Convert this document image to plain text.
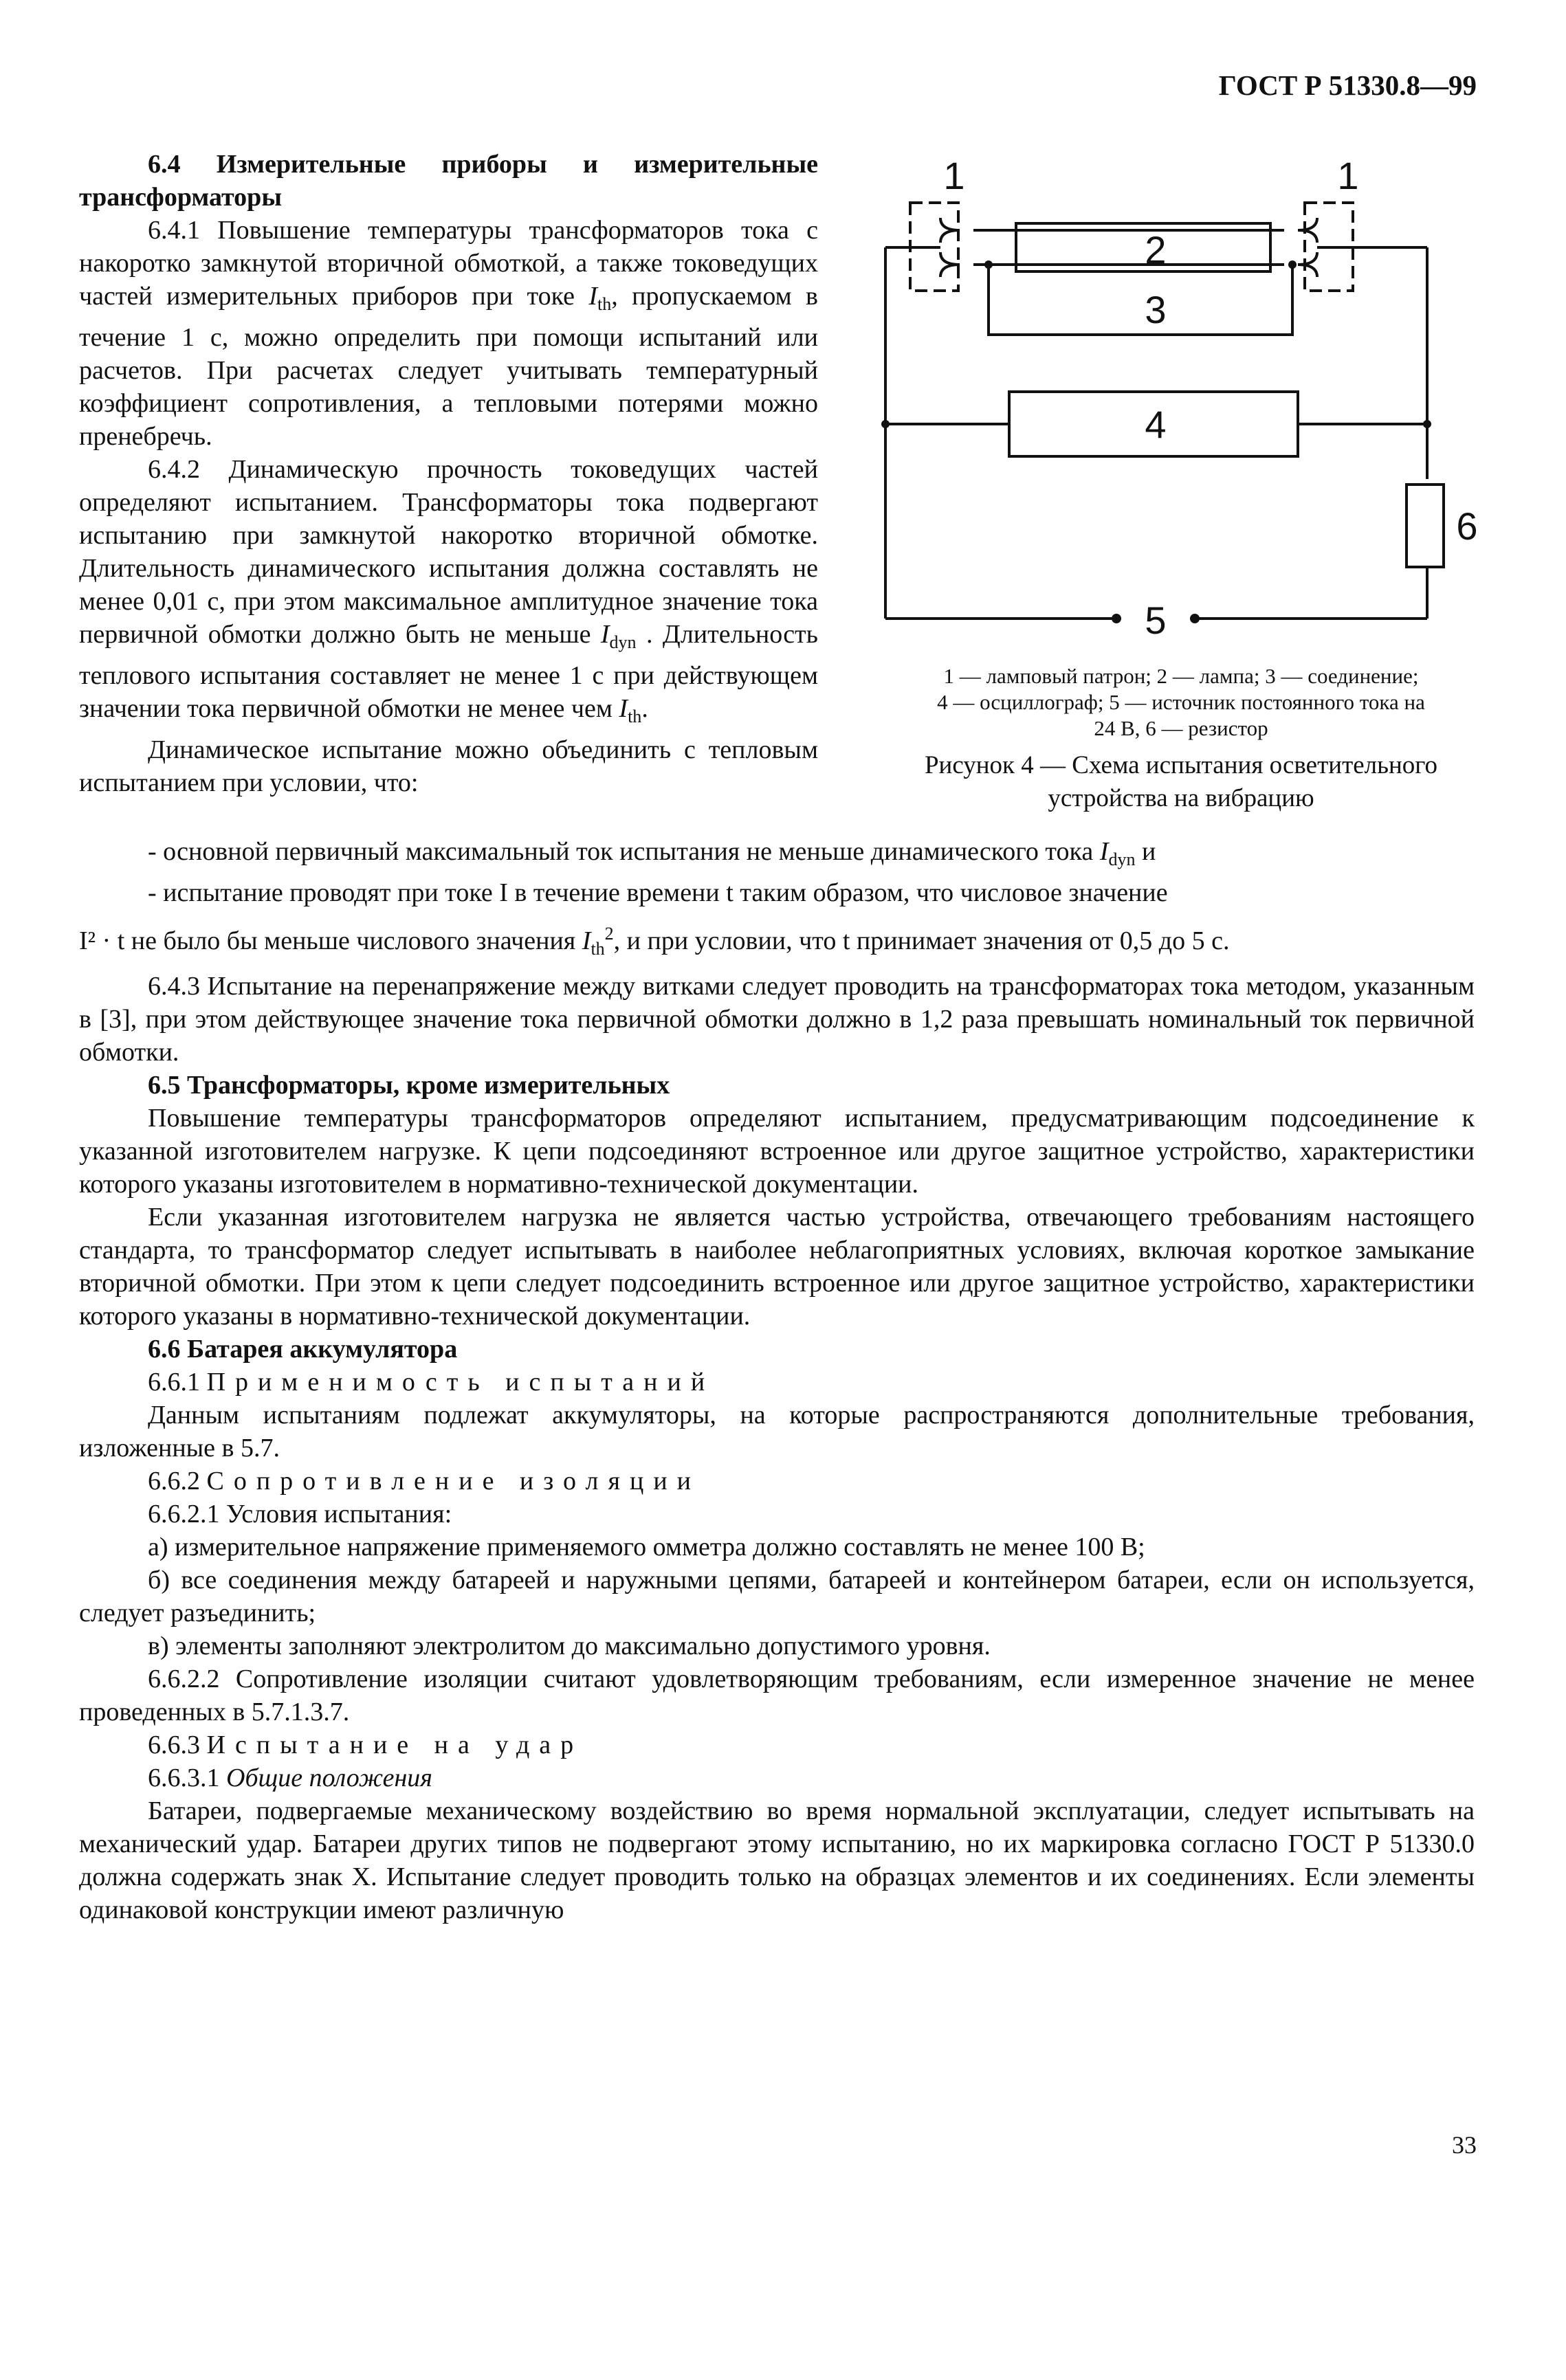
ГОСТ Р 51330.8—99
1	1
2
3
4
5
6
1 — ламповый патрон; 2 — лампа; 3 — соединение;
4 — осциллограф; 5 — источник постоянного тока на
24 В, 6 — резистор
Рисунок 4 — Схема испытания осветительного
устройства на вибрацию

6.4 Измерительные приборы и измерительные трансформаторы

6.4.1 Повышение температуры трансформаторов тока с накоротко замкнутой вторичной обмоткой, а также токоведущих частей измерительных приборов при токе $I_{th}$, пропускаемом в течение 1 с, можно определить при помощи испытаний или расчетов. При расчетах следует учитывать температурный коэффициент сопротивления, а тепловыми потерями можно пренебречь.

6.4.2 Динамическую прочность токоведущих частей определяют испытанием. Трансформаторы тока подвергают испытанию при замкнутой накоротко вторичной обмотке. Длительность динамического испытания должна составлять не менее 0,01 с, при этом максимальное амплитудное значение тока первичной обмотки должно быть не меньше $I_{dyn}$ . Длительность теплового испытания составляет не менее 1 с при действующем значении тока первичной обмотки не менее чем $I_{th}$.

Динамическое испытание можно объединить с тепловым испытанием при условии, что:

- основной первичный максимальный ток испытания не меньше динамического тока $I_{dyn}$ и

- испытание проводят при токе I в течение времени t таким образом, что числовое значение

I² · t не было бы меньше числового значения $I_{th}^2$, и при условии, что t принимает значения от 0,5 до 5 с.

6.4.3 Испытание на перенапряжение между витками следует проводить на трансформаторах тока методом, указанным в [3], при этом действующее значение тока первичной обмотки должно в 1,2 раза превышать номинальный ток первичной обмотки.

6.5 Трансформаторы, кроме измерительных

Повышение температуры трансформаторов определяют испытанием, предусматривающим подсоединение к указанной изготовителем нагрузке. К цепи подсоединяют встроенное или другое защитное устройство, характеристики которого указаны изготовителем в нормативно-технической документации.

Если указанная изготовителем нагрузка не является частью устройства, отвечающего требованиям настоящего стандарта, то трансформатор следует испытывать в наиболее неблагоприятных условиях, включая короткое замыкание вторичной обмотки. При этом к цепи следует подсоединить встроенное или другое защитное устройство, характеристики которого указаны в нормативно-технической документации.

6.6 Батарея аккумулятора

6.6.1 Применимость испытаний

Данным испытаниям подлежат аккумуляторы, на которые распространяются дополнительные требования, изложенные в 5.7.

6.6.2 Сопротивление изоляции

6.6.2.1 Условия испытания:

а) измерительное напряжение применяемого омметра должно составлять не менее 100 В;

б) все соединения между батареей и наружными цепями, батареей и контейнером батареи, если он используется, следует разъединить;

в) элементы заполняют электролитом до максимально допустимого уровня.

6.6.2.2 Сопротивление изоляции считают удовлетворяющим требованиям, если измеренное значение не менее проведенных в 5.7.1.3.7.

6.6.3 Испытание на удар

6.6.3.1 Общие положения

Батареи, подвергаемые механическому воздействию во время нормальной эксплуатации, следует испытывать на механический удар. Батареи других типов не подвергают этому испытанию, но их маркировка согласно ГОСТ Р 51330.0 должна содержать знак X. Испытание следует проводить только на образцах элементов и их соединениях. Если элементы одинаковой конструкции имеют различную

33
